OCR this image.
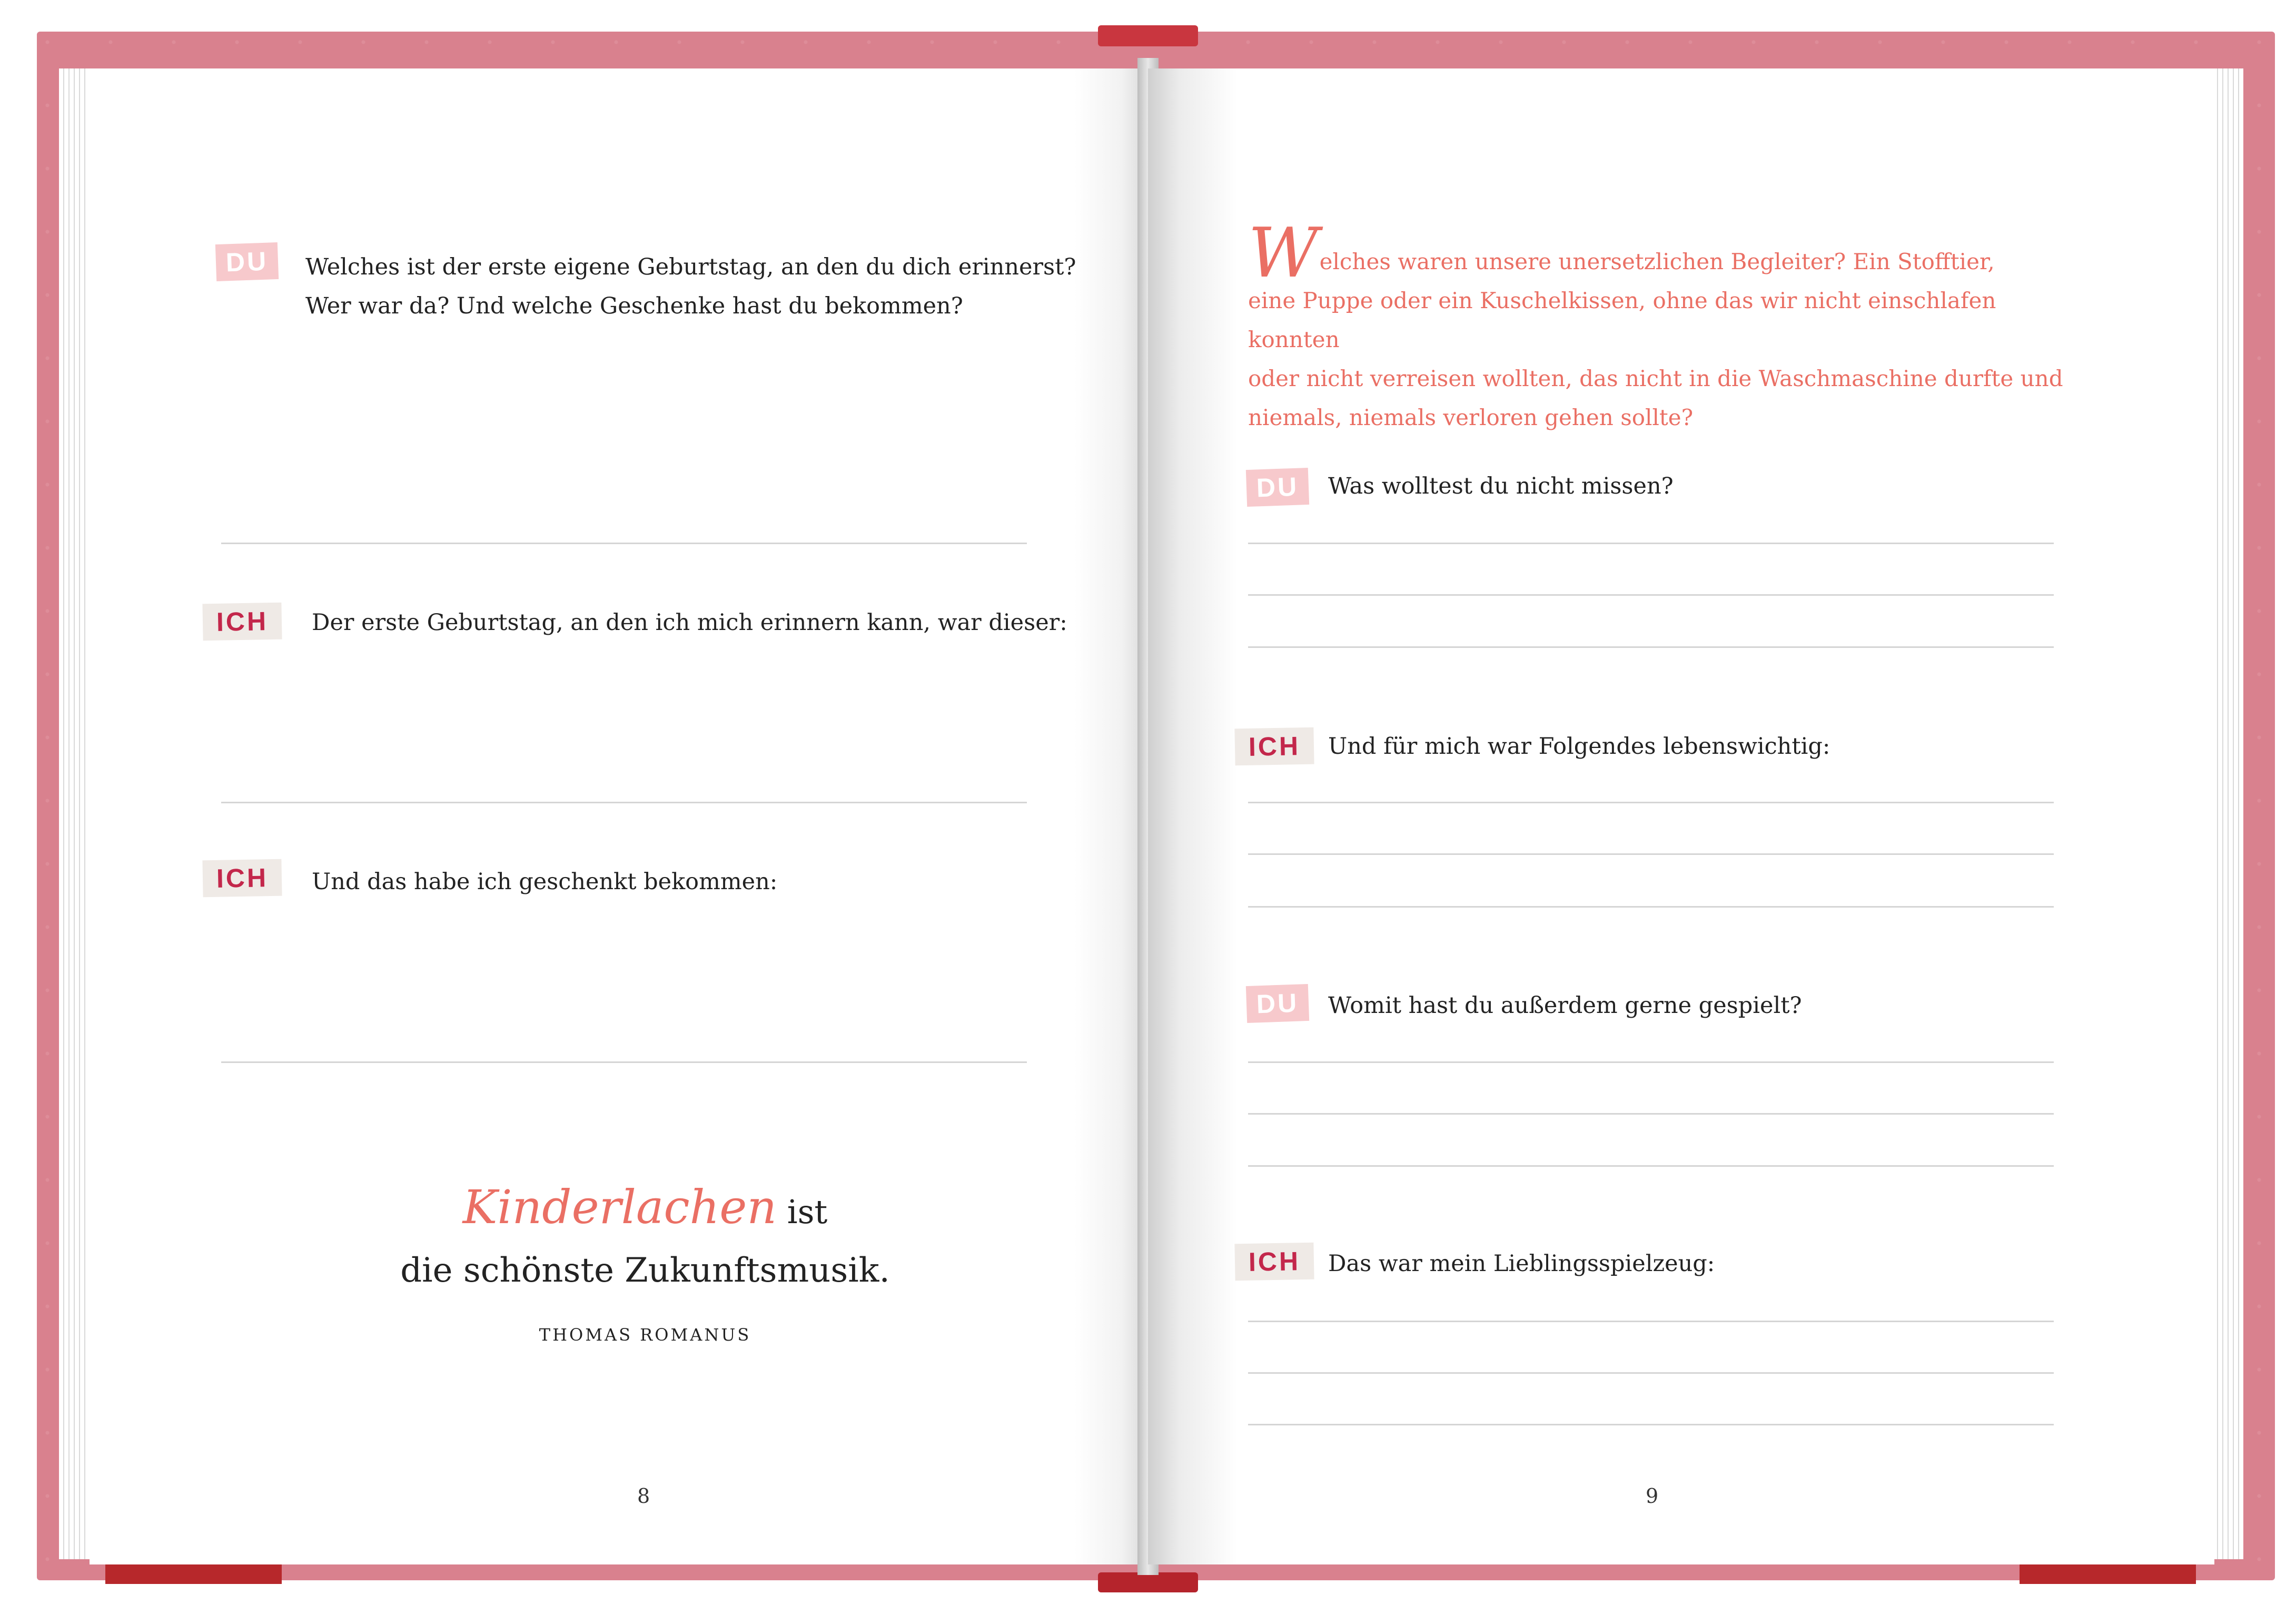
DU	Welches ist der erste eigene Geburtstag, an den du dich erinnerst?
Wer war da? Und welche Geschenke hast du bekommen?
ICH	Der erste Geburtstag, an den ich mich erinnern kann, war dieser:
ICH	Und das habe ich geschenkt bekommen:
Kinderlachen ist
die schönste Zukunftsmusik.
THOMAS ROMANUS
8
Welches waren unsere unersetzlichen Begleiter? Ein Stofftier,
eine Puppe oder ein Kuschelkissen, ohne das wir nicht einschlafen konnten
oder nicht verreisen wollten, das nicht in die Waschmaschine durfte und
niemals, niemals verloren gehen sollte?
DU	Was wolltest du nicht missen?
ICH	Und für mich war Folgendes lebenswichtig:
DU	Womit hast du außerdem gerne gespielt?
ICH	Das war mein Lieblingsspielzeug:
9
